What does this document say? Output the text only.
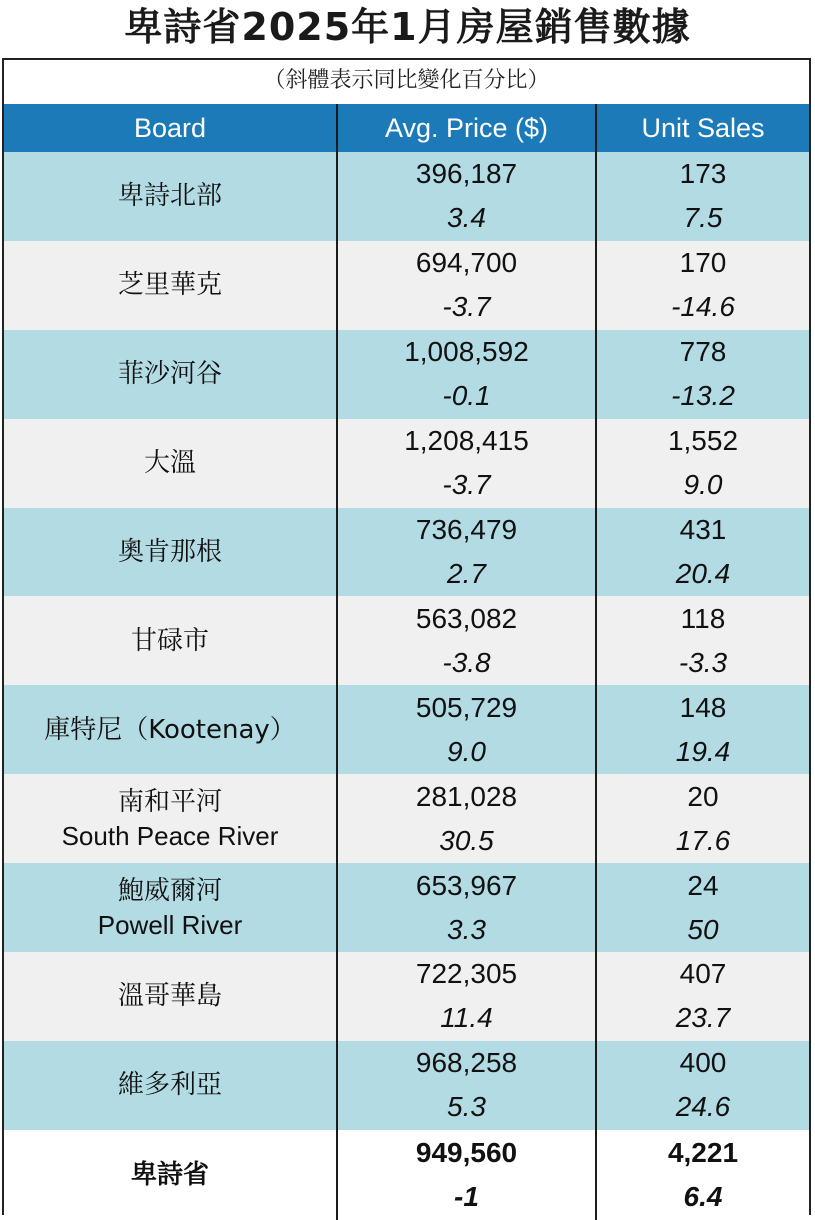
卑詩省2025年1月房屋銷售數據
（斜體表示同比變化百分比）
Board	Avg. Price ($)	Unit Sales
卑詩北部
396,187
3.4
173
7.5
芝里華克
694,700
-3.7
170
-14.6
菲沙河谷
1,008,592
-0.1
778
-13.2
大溫
1,208,415
-3.7
1,552
9.0
奧肯那根
736,479
2.7
431
20.4
甘碌市
563,082
-3.8
118
-3.3
庫特尼（Kootenay）
505,729
9.0
148
19.4
南和平河
South Peace River
281,028
30.5
20
17.6
鮑威爾河
Powell River
653,967
3.3
24
50
溫哥華島
722,305
11.4
407
23.7
維多利亞
968,258
5.3
400
24.6
卑詩省
949,560
-1
4,221
6.4
